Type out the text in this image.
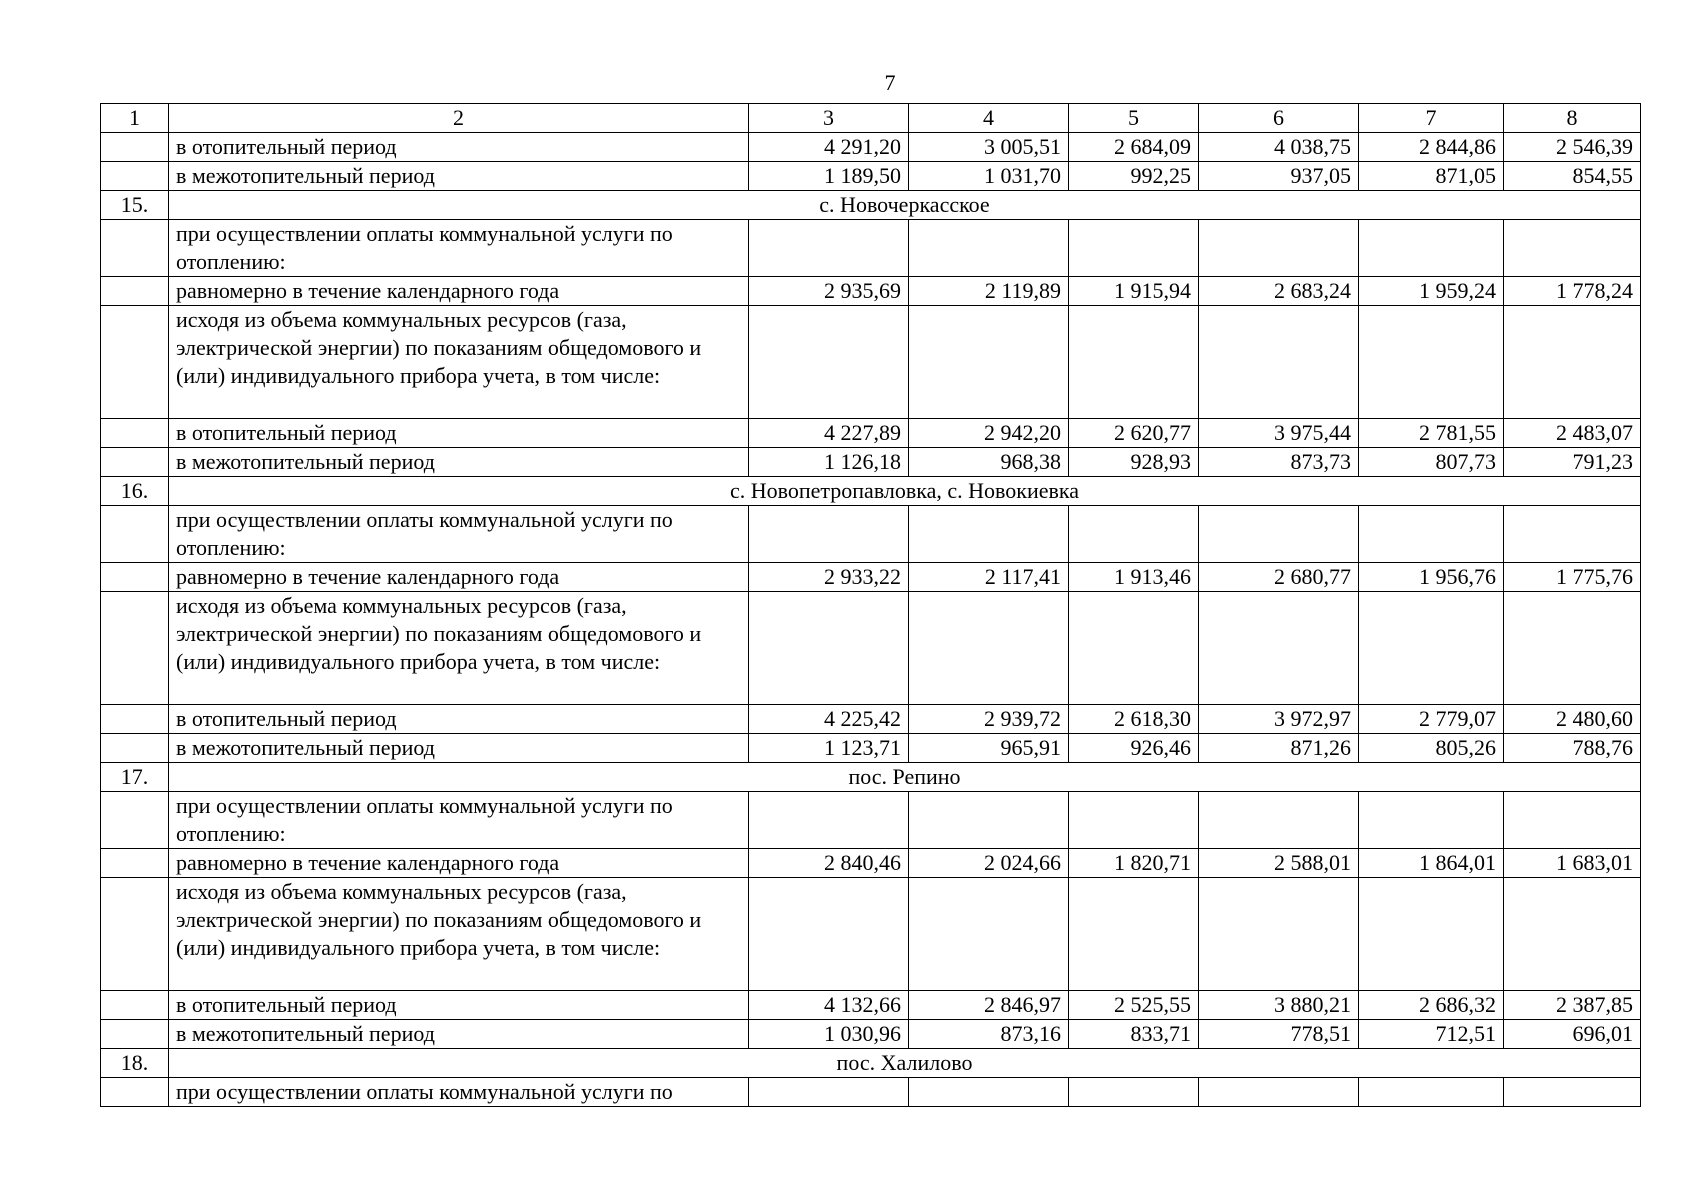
7
1	2	3	4	5	6	7	8
	в отопительный период	4 291,20	3 005,51	2 684,09	4 038,75	2 844,86	2 546,39
	в межотопительный период	1 189,50	1 031,70	992,25	937,05	871,05	854,55
15.	с. Новочеркасское						
	при осуществлении оплаты коммунальной услуги по отоплению:						
	равномерно в течение календарного года	2 935,69	2 119,89	1 915,94	2 683,24	1 959,24	1 778,24
	исходя из объема коммунальных ресурсов (газа, электрической энергии) по показаниям общедомового и (или) индивидуального прибора учета, в том числе:						
	в отопительный период	4 227,89	2 942,20	2 620,77	3 975,44	2 781,55	2 483,07
	в межотопительный период	1 126,18	968,38	928,93	873,73	807,73	791,23
16.	с. Новопетропавловка, с. Новокиевка						
	при осуществлении оплаты коммунальной услуги по отоплению:						
	равномерно в течение календарного года	2 933,22	2 117,41	1 913,46	2 680,77	1 956,76	1 775,76
	исходя из объема коммунальных ресурсов (газа, электрической энергии) по показаниям общедомового и (или) индивидуального прибора учета, в том числе:						
	в отопительный период	4 225,42	2 939,72	2 618,30	3 972,97	2 779,07	2 480,60
	в межотопительный период	1 123,71	965,91	926,46	871,26	805,26	788,76
17.	пос. Репино						
	при осуществлении оплаты коммунальной услуги по отоплению:						
	равномерно в течение календарного года	2 840,46	2 024,66	1 820,71	2 588,01	1 864,01	1 683,01
	исходя из объема коммунальных ресурсов (газа, электрической энергии) по показаниям общедомового и (или) индивидуального прибора учета, в том числе:						
	в отопительный период	4 132,66	2 846,97	2 525,55	3 880,21	2 686,32	2 387,85
	в межотопительный период	1 030,96	873,16	833,71	778,51	712,51	696,01
18.	пос. Халилово						
	при осуществлении оплаты коммунальной услуги по						
